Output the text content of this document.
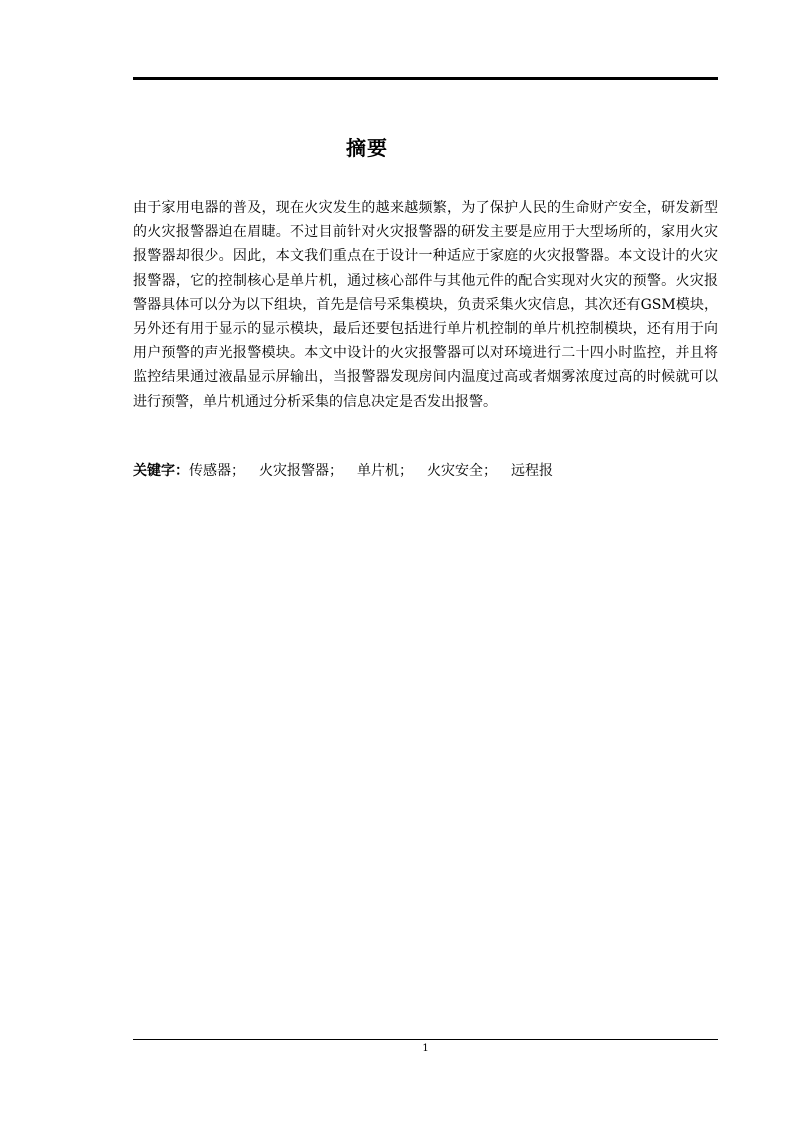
摘要

由于家用电器的普及，现在火灾发生的越来越频繁，为了保护人民的生命财产安全，研发新型的火灾报警器迫在眉睫。不过目前针对火灾报警器的研发主要是应用于大型场所的，家用火灾报警器却很少。因此，本文我们重点在于设计一种适应于家庭的火灾报警器。本文设计的火灾报警器，它的控制核心是单片机，通过核心部件与其他元件的配合实现对火灾的预警。火灾报警器具体可以分为以下组块，首先是信号采集模块，负责采集火灾信息，其次还有GSM模块，另外还有用于显示的显示模块，最后还要包括进行单片机控制的单片机控制模块，还有用于向用户预警的声光报警模块。本文中设计的火灾报警器可以对环境进行二十四小时监控，并且将监控结果通过液晶显示屏输出，当报警器发现房间内温度过高或者烟雾浓度过高的时候就可以进行预警，单片机通过分析采集的信息决定是否发出报警。

关键字：传感器； 火灾报警器； 单片机； 火灾安全； 远程报
1
